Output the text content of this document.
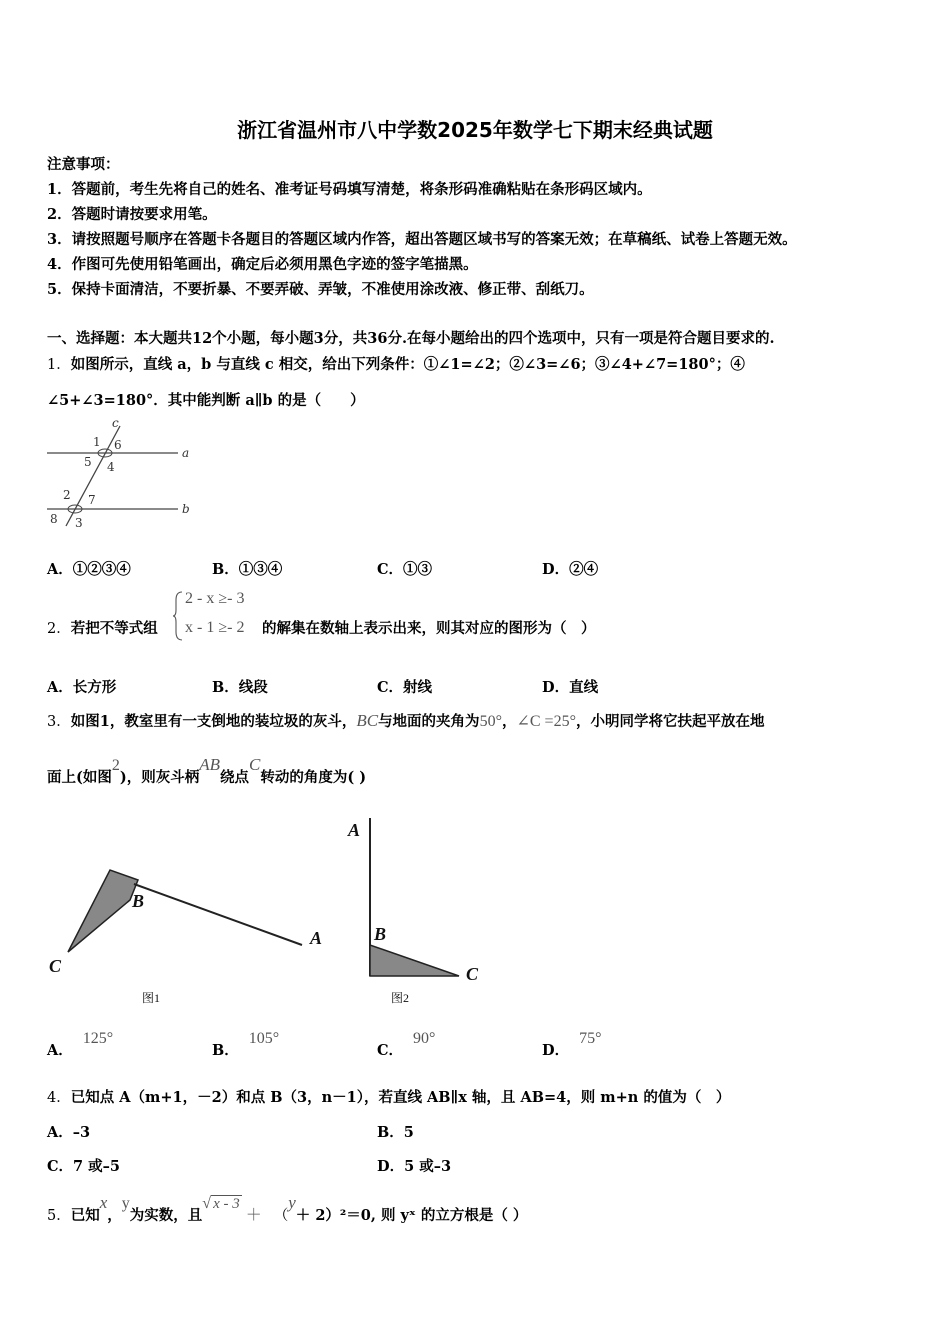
浙江省温州市八中学数2025年数学七下期末经典试题
注意事项：
1．答题前，考生先将自己的姓名、准考证号码填写清楚，将条形码准确粘贴在条形码区域内。
2．答题时请按要求用笔。
3．请按照题号顺序在答题卡各题目的答题区域内作答，超出答题区域书写的答案无效；在草稿纸、试卷上答题无效。
4．作图可先使用铅笔画出，确定后必须用黑色字迹的签字笔描黑。
5．保持卡面清洁，不要折暴、不要弄破、弄皱，不准使用涂改液、修正带、刮纸刀。
一、选择题：本大题共12个小题，每小题3分，共36分.在每小题给出的四个选项中，只有一项是符合题目要求的.
1．如图所示，直线 a，b 与直线 c 相交，给出下列条件：①∠1=∠2；②∠3=∠6；③∠4+∠7=180°；④
∠5+∠3=180°．其中能判断 a∥b 的是（　　）
c
a
b
1 6
5 4
2 7
8 3
A．①②③④	B．①③④	C．①③	D．②④
2．若把不等式组
2 - x ≥- 3
x - 1 ≥- 2 的解集在数轴上表示出来，则其对应的图形为（　）
A．长方形	B．线段	C．射线	D．直线
3．如图1，教室里有一支倒地的装垃圾的灰斗，BC与地面的夹角为50°，∠C =25°，小明同学将它扶起平放在地
面上(如图2)，则灰斗柄AB绕点C转动的角度为( )
B
A
C
图1
A
B
C
图2
A．125°
B．105°
C．90°
D．75°
4．已知点 A（m+1，－2）和点 B（3，n－1），若直线 AB∥x 轴，且 AB=4，则 m+n 的值为（　）
A．–3	B．5
C．7 或–5	D．5 或–3
5．已知x，y为实数，且√ x - 3＋ （y＋ 2）²＝0, 则 yˣ 的立方根是（ ）
